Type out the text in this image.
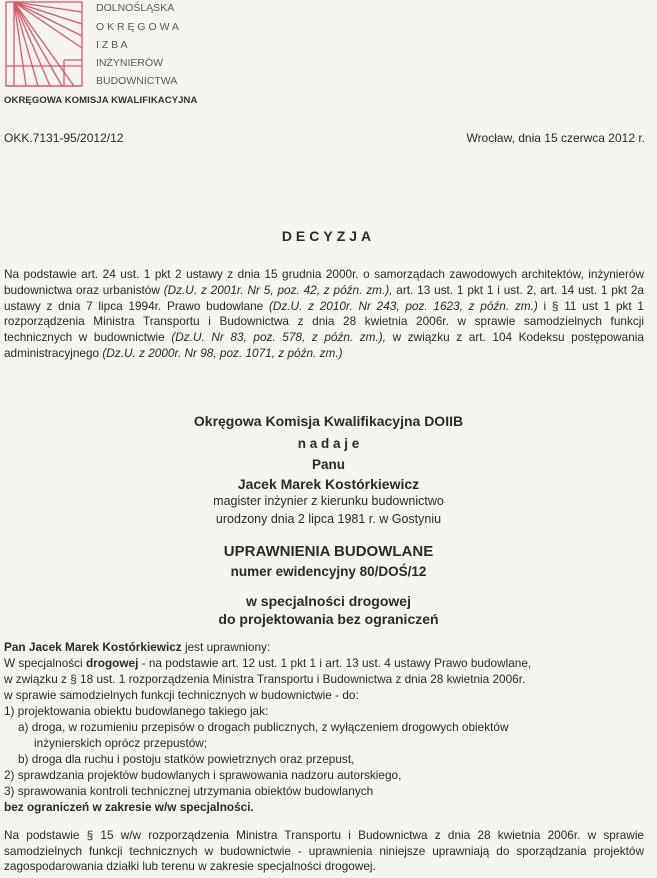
DOLNOŚLĄSKA
O K R Ę G O W A
I Z B A
INŻYNIERÓW
BUDOWNICTWA
OKRĘGOWA KOMISJA KWALIFIKACYJNA
OKK.7131-95/2012/12	Wrocław, dnia 15 czerwca 2012 r.
DECYZJA
Na podstawie art. 24 ust. 1 pkt 2 ustawy z dnia 15 grudnia 2000r. o samorządach zawodowych architektów, inżynierów budownictwa oraz urbanistów (Dz.U. z 2001r. Nr 5, poz. 42, z późn. zm.), art. 13 ust. 1 pkt 1 i ust. 2, art. 14 ust. 1 pkt 2a ustawy z dnia 7 lipca 1994r. Prawo budowlane (Dz.U. z 2010r. Nr 243, poz. 1623, z późn. zm.) i § 11 ust 1 pkt 1 rozporządzenia Ministra Transportu i Budownictwa z dnia 28 kwietnia 2006r. w sprawie samodzielnych funkcji technicznych w budownictwie (Dz.U. Nr 83, poz. 578, z późn. zm.), w związku z art. 104 Kodeksu postępowania administracyjnego (Dz.U. z 2000r. Nr 98, poz. 1071, z późn. zm.)
Okręgowa Komisja Kwalifikacyjna DOIIB
n a d a j e
Panu
Jacek Marek Kostórkiewicz
magister inżynier z kierunku budownictwo
urodzony dnia 2 lipca 1981 r. w Gostyniu
UPRAWNIENIA BUDOWLANE
numer ewidencyjny 80/DOŚ/12
w specjalności drogowej
do projektowania bez ograniczeń
Pan Jacek Marek Kostórkiewicz jest uprawniony:
W specjalności drogowej - na podstawie art. 12 ust. 1 pkt 1 i art. 13 ust. 4 ustawy Prawo budowlane,
w związku z § 18 ust. 1 rozporządzenia Ministra Transportu i Budownictwa z dnia 28 kwietnia 2006r.
w sprawie samodzielnych funkcji technicznych w budownictwie - do:
1) projektowania obiektu budowlanego takiego jak:
a) droga, w rozumieniu przepisów o drogach publicznych, z wyłączeniem drogowych obiektów
inżynierskich oprócz przepustów;
b) droga dla ruchu i postoju statków powietrznych oraz przepust,
2) sprawdzania projektów budowlanych i sprawowania nadzoru autorskiego,
3) sprawowania kontroli technicznej utrzymania obiektów budowlanych
bez ograniczeń w zakresie w/w specjalności.
Na podstawie § 15 w/w rozporządzenia Ministra Transportu i Budownictwa z dnia 28 kwietnia 2006r. w sprawie samodzielnych funkcji technicznych w budownictwie - uprawnienia niniejsze uprawniają do sporządzania projektów zagospodarowania działki lub terenu w zakresie specjalności drogowej.
